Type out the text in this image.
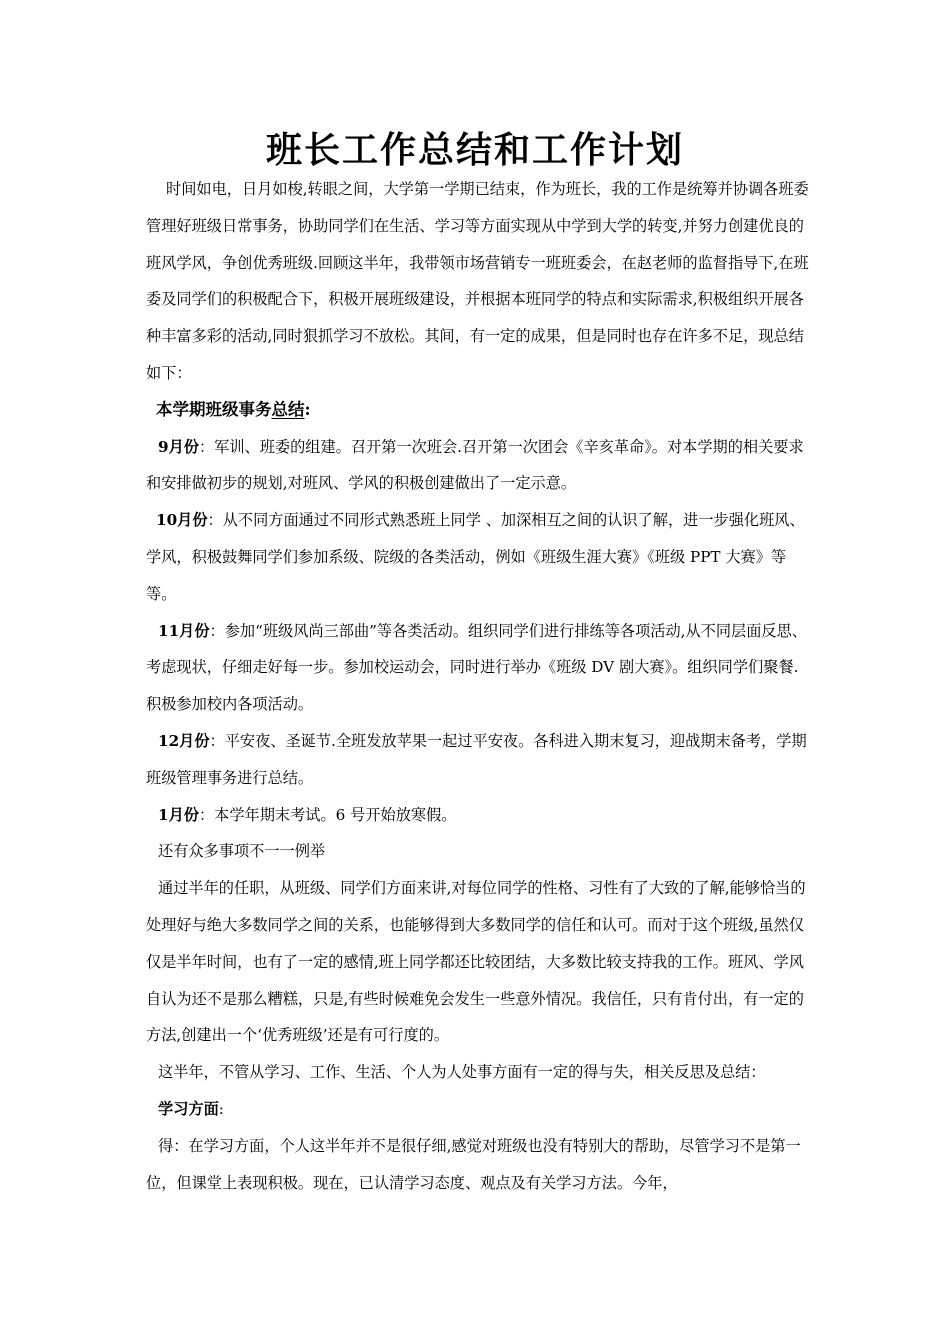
班长工作总结和工作计划

时间如电，日月如梭,转眼之间，大学第一学期已结束，作为班长，我的工作是统筹并协调各班委管理好班级日常事务，协助同学们在生活、学习等方面实现从中学到大学的转变,并努力创建优良的班风学风，争创优秀班级.回顾这半年，我带领市场营销专一班班委会，在赵老师的监督指导下,在班委及同学们的积极配合下，积极开展班级建设，并根据本班同学的特点和实际需求,积极组织开展各种丰富多彩的活动,同时狠抓学习不放松。其间，有一定的成果，但是同时也存在许多不足，现总结如下：

本学期班级事务总结:

9月份：军训、班委的组建。召开第一次班会.召开第一次团会《辛亥革命》。对本学期的相关要求和安排做初步的规划,对班风、学风的积极创建做出了一定示意。

10月份：从不同方面通过不同形式熟悉班上同学 、加深相互之间的认识了解，进一步强化班风、学风，积极鼓舞同学们参加系级、院级的各类活动，例如《班级生涯大赛》《班级 PPT 大赛》等等。

11月份：参加“班级风尚三部曲”等各类活动。组织同学们进行排练等各项活动,从不同层面反思、考虑现状，仔细走好每一步。参加校运动会，同时进行举办《班级 DV 剧大赛》。组织同学们聚餐.积极参加校内各项活动。

12月份：平安夜、圣诞节.全班发放苹果一起过平安夜。各科进入期末复习，迎战期末备考，学期班级管理事务进行总结。

1月份：本学年期末考试。6 号开始放寒假。

还有众多事项不一一例举

通过半年的任职，从班级、同学们方面来讲,对每位同学的性格、习性有了大致的了解,能够恰当的处理好与绝大多数同学之间的关系，也能够得到大多数同学的信任和认可。而对于这个班级,虽然仅仅是半年时间，也有了一定的感情,班上同学都还比较团结，大多数比较支持我的工作。班风、学风自认为还不是那么糟糕，只是,有些时候难免会发生一些意外情况。我信任，只有肯付出，有一定的方法,创建出一个‘优秀班级’还是有可行度的。

这半年，不管从学习、工作、生活、个人为人处事方面有一定的得与失，相关反思及总结：

学习方面:

得：在学习方面，个人这半年并不是很仔细,感觉对班级也没有特别大的帮助，尽管学习不是第一位，但课堂上表现积极。现在，已认清学习态度、观点及有关学习方法。今年，
